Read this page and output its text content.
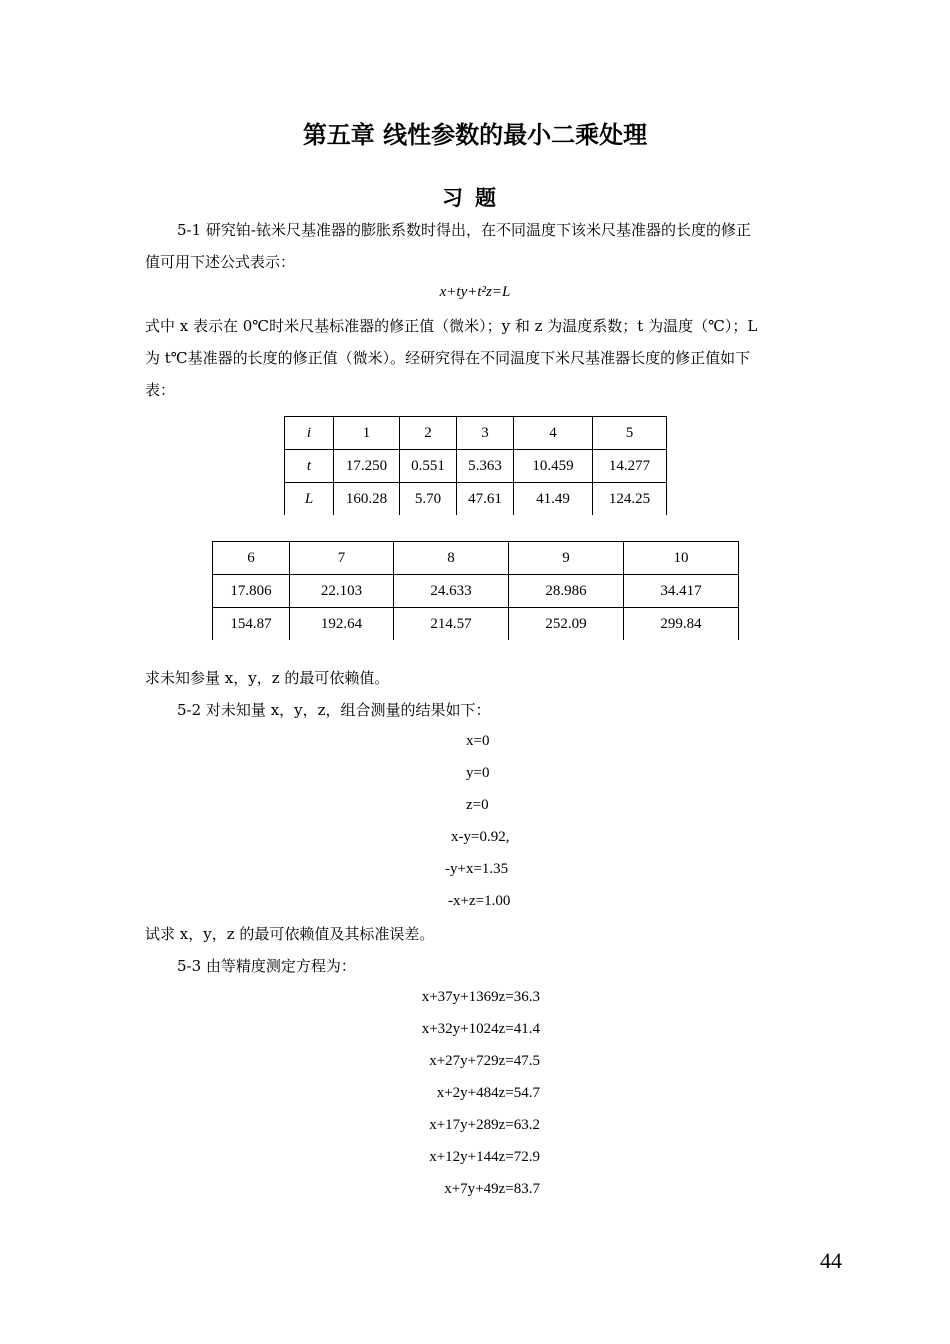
第五章 线性参数的最小二乘处理
习题
5-1 研究铂-铱米尺基准器的膨胀系数时得出，在不同温度下该米尺基准器的长度的修正
值可用下述公式表示：
x+ty+t²z=L
式中 x 表示在 0℃时米尺基标准器的修正值（微米）；y 和 z 为温度系数；t 为温度（℃）；L
为 t℃基准器的长度的修正值（微米）。经研究得在不同温度下米尺基准器长度的修正值如下
表：
i	1	2	3	4	5
t	17.250	0.551	5.363	10.459	14.277
L	160.28	5.70	47.61	41.49	124.25
6	7	8	9	10
17.806	22.103	24.633	28.986	34.417
154.87	192.64	214.57	252.09	299.84
求未知参量 x，y，z 的最可依赖值。
5-2 对未知量 x，y，z，组合测量的结果如下：
x=0
y=0
z=0
x-y=0.92,
-y+x=1.35
-x+z=1.00
试求 x，y，z 的最可依赖值及其标准误差。
5-3 由等精度测定方程为：
x+37y+1369z=36.3
x+32y+1024z=41.4
x+27y+729z=47.5
x+2y+484z=54.7
x+17y+289z=63.2
x+12y+144z=72.9
x+7y+49z=83.7
44
